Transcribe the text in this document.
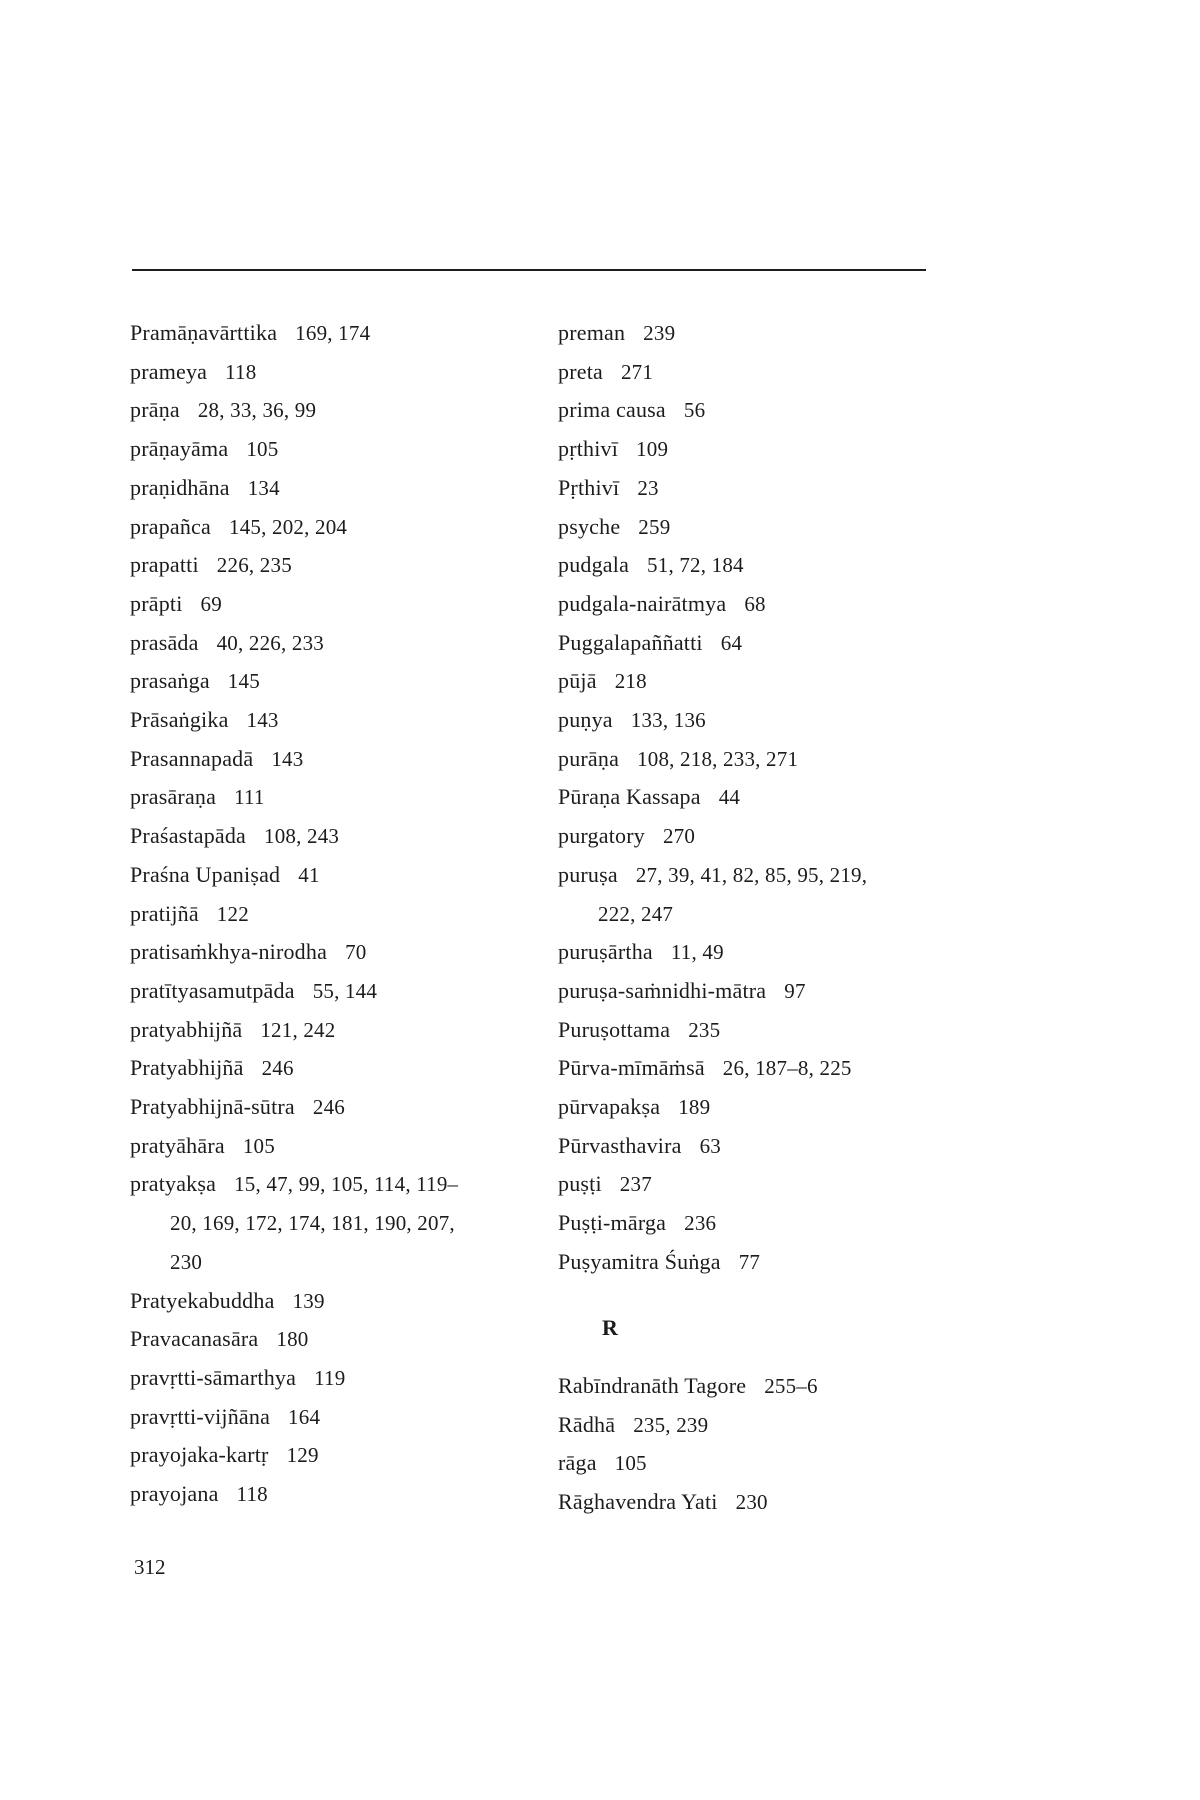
Pramāṇavārttika 169, 174
prameya 118
prāṇa 28, 33, 36, 99
prāṇayāma 105
praṇidhāna 134
prapañca 145, 202, 204
prapatti 226, 235
prāpti 69
prasāda 40, 226, 233
prasaṅga 145
Prāsaṅgika 143
Prasannapadā 143
prasāraṇa 111
Praśastapāda 108, 243
Praśna Upaniṣad 41
pratijñā 122
pratisaṁkhya-nirodha 70
pratītyasamutpāda 55, 144
pratyabhijñā 121, 242
Pratyabhijñā 246
Pratyabhijnā-sūtra 246
pratyāhāra 105
pratyakṣa 15, 47, 99, 105, 114, 119–
20, 169, 172, 174, 181, 190, 207,
230
Pratyekabuddha 139
Pravacanasāra 180
pravṛtti-sāmarthya 119
pravṛtti-vijñāna 164
prayojaka-kartṛ 129
prayojana 118
preman 239
preta 271
prima causa 56
pṛthivī 109
Pṛthivī 23
psyche 259
pudgala 51, 72, 184
pudgala-nairātmya 68
Puggalapaññatti 64
pūjā 218
puṇya 133, 136
purāṇa 108, 218, 233, 271
Pūraṇa Kassapa 44
purgatory 270
puruṣa 27, 39, 41, 82, 85, 95, 219,
222, 247
puruṣārtha 11, 49
puruṣa-saṁnidhi-mātra 97
Puruṣottama 235
Pūrva-mīmāṁsā 26, 187–8, 225
pūrvapakṣa 189
Pūrvasthavira 63
puṣṭi 237
Puṣṭi-mārga 236
Puṣyamitra Śuṅga 77
R
Rabīndranāth Tagore 255–6
Rādhā 235, 239
rāga 105
Rāghavendra Yati 230
312
